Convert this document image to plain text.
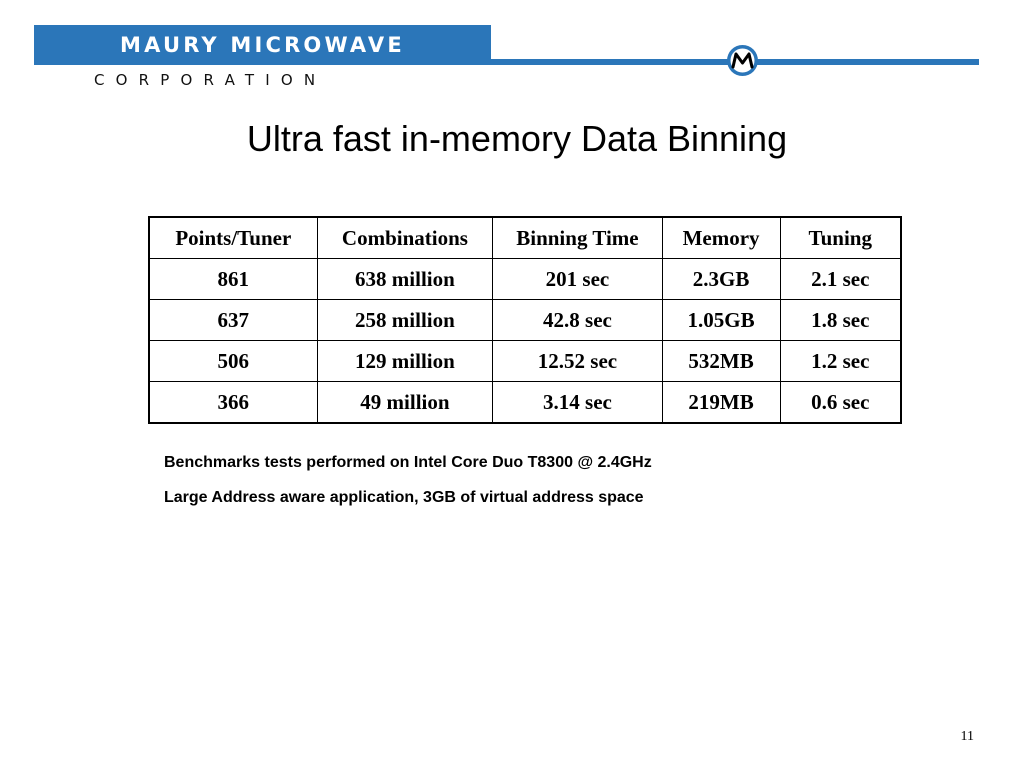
MAURY MICROWAVE
CORPORATION
Ultra fast in-memory Data Binning
Points/Tuner	Combinations	Binning Time	Memory	Tuning
861	638 million	201 sec	2.3GB	2.1 sec
637	258 million	42.8 sec	1.05GB	1.8 sec
506	129 million	12.52 sec	532MB	1.2 sec
366	49 million	3.14 sec	219MB	0.6 sec
Benchmarks tests performed on Intel Core Duo T8300 @ 2.4GHz
Large Address aware application, 3GB of virtual address space
11
